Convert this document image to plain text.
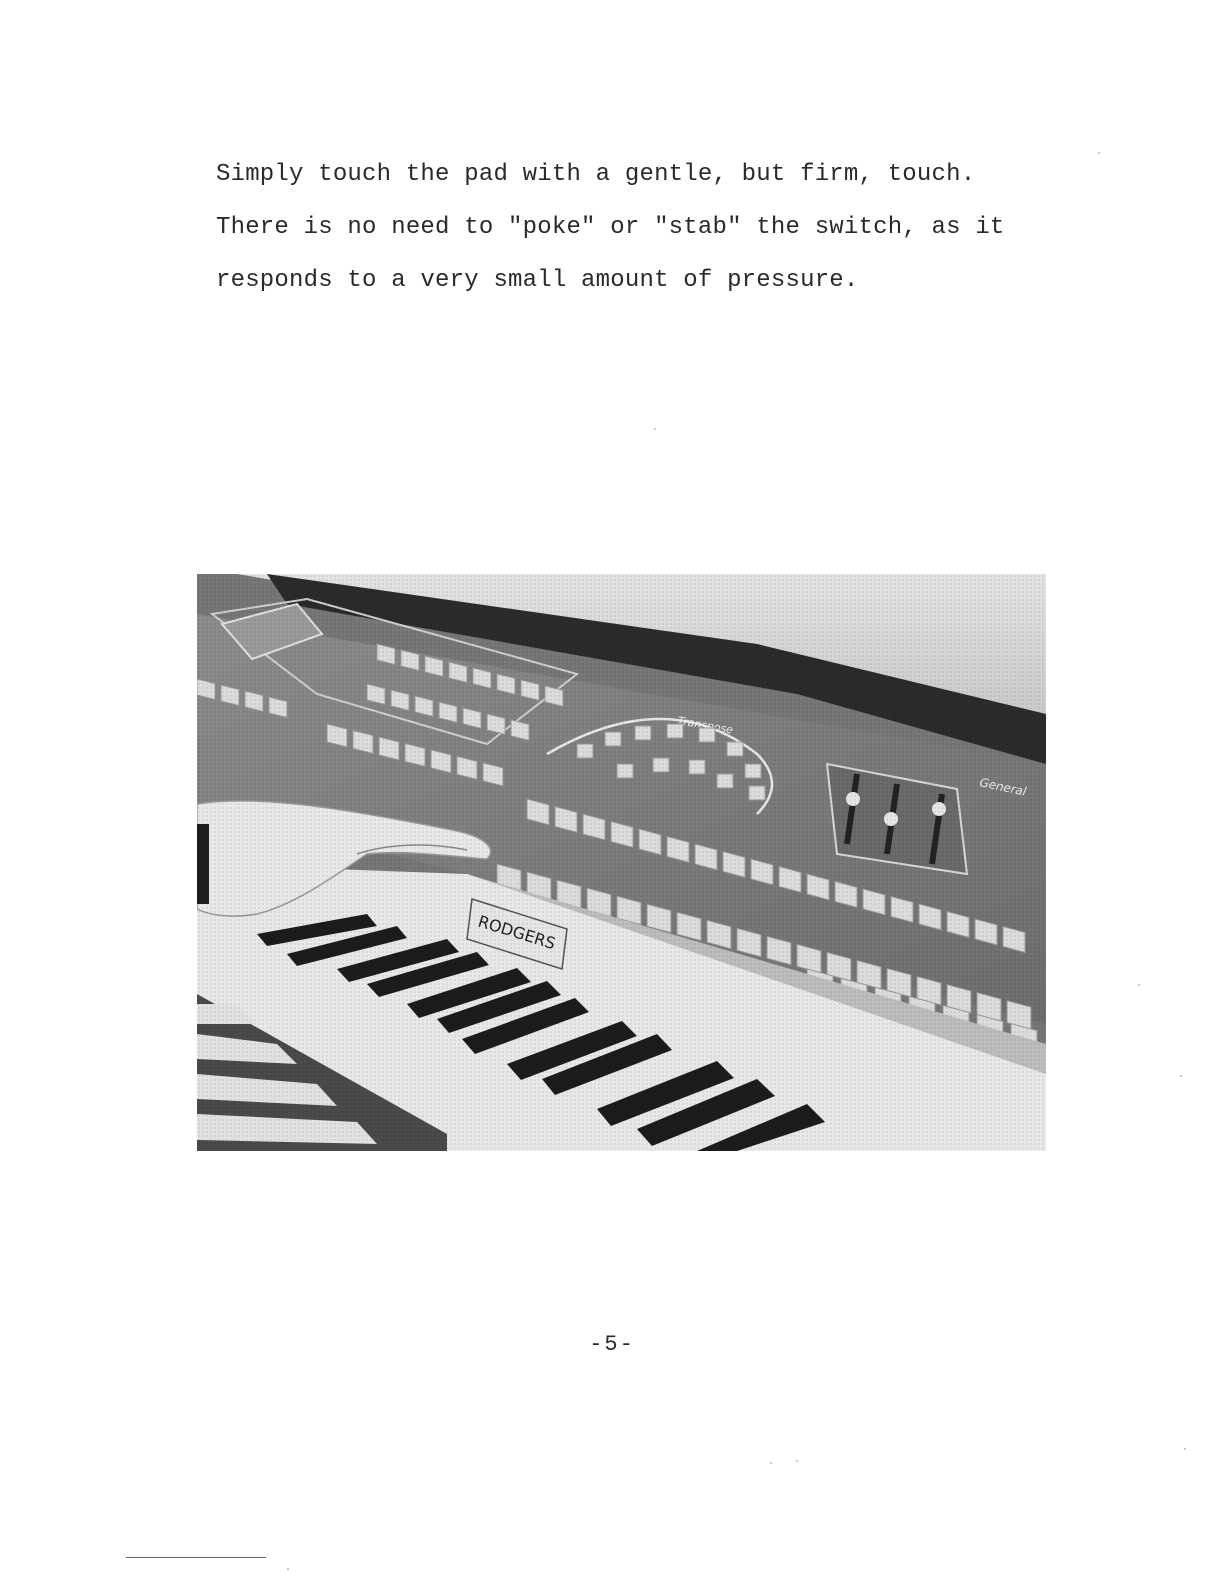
Simply touch the pad with a gentle, but firm, touch.

There is no need to "poke" or "stab" the switch, as it

responds to a very small amount of pressure.

-5-
